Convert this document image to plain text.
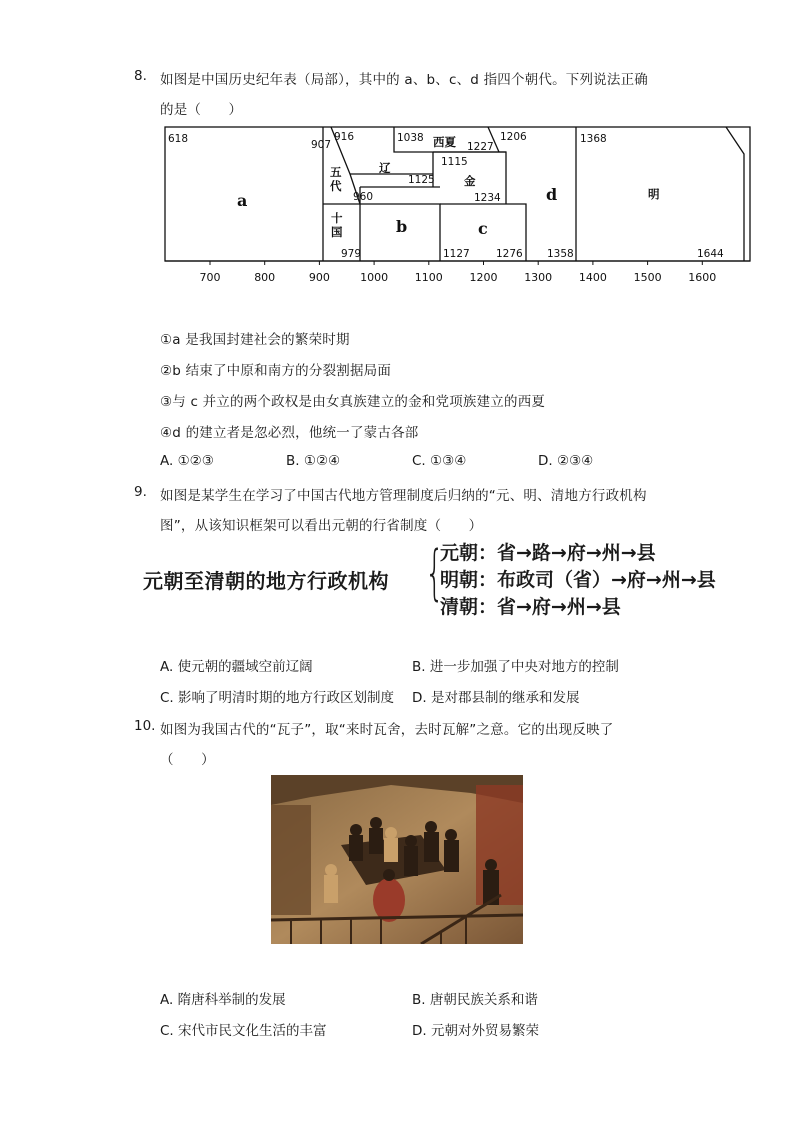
8. 如图是中国历史纪年表（局部），其中的 a、b、c、d 指四个朝代。下列说法正确
的是（　　）
618	907
916	1038 西夏 1227
1206	1368
辽	1115
五
代	1125	金
960	1234
a
b	c
d	明
十
国
979	1127	1276 1358	1644
700	800	900	1000 1100 1200 1300 1400 1500 1600
①a 是我国封建社会的繁荣时期
②b 结束了中原和南方的分裂割据局面
③与 c 并立的两个政权是由女真族建立的金和党项族建立的西夏
④d 的建立者是忽必烈，他统一了蒙古各部
A. ①②③	B. ①②④	C. ①③④	D. ②③④
9. 如图是某学生在学习了中国古代地方管理制度后归纳的“元、明、清地方行政机构
图”，从该知识框架可以看出元朝的行省制度（　　）
元朝至清朝的地方行政机构 {
元朝：省→路→府→州→县
明朝：布政司（省）→府→州→县
清朝：省→府→州→县
A. 使元朝的疆域空前辽阔	B. 进一步加强了中央对地方的控制
C. 影响了明清时期的地方行政区划制度 D. 是对郡县制的继承和发展
10. 如图为我国古代的“瓦子”，取“来时瓦舍，去时瓦解”之意。它的出现反映了
（　　）
A. 隋唐科举制的发展	B. 唐朝民族关系和谐
C. 宋代市民文化生活的丰富	D. 元朝对外贸易繁荣
